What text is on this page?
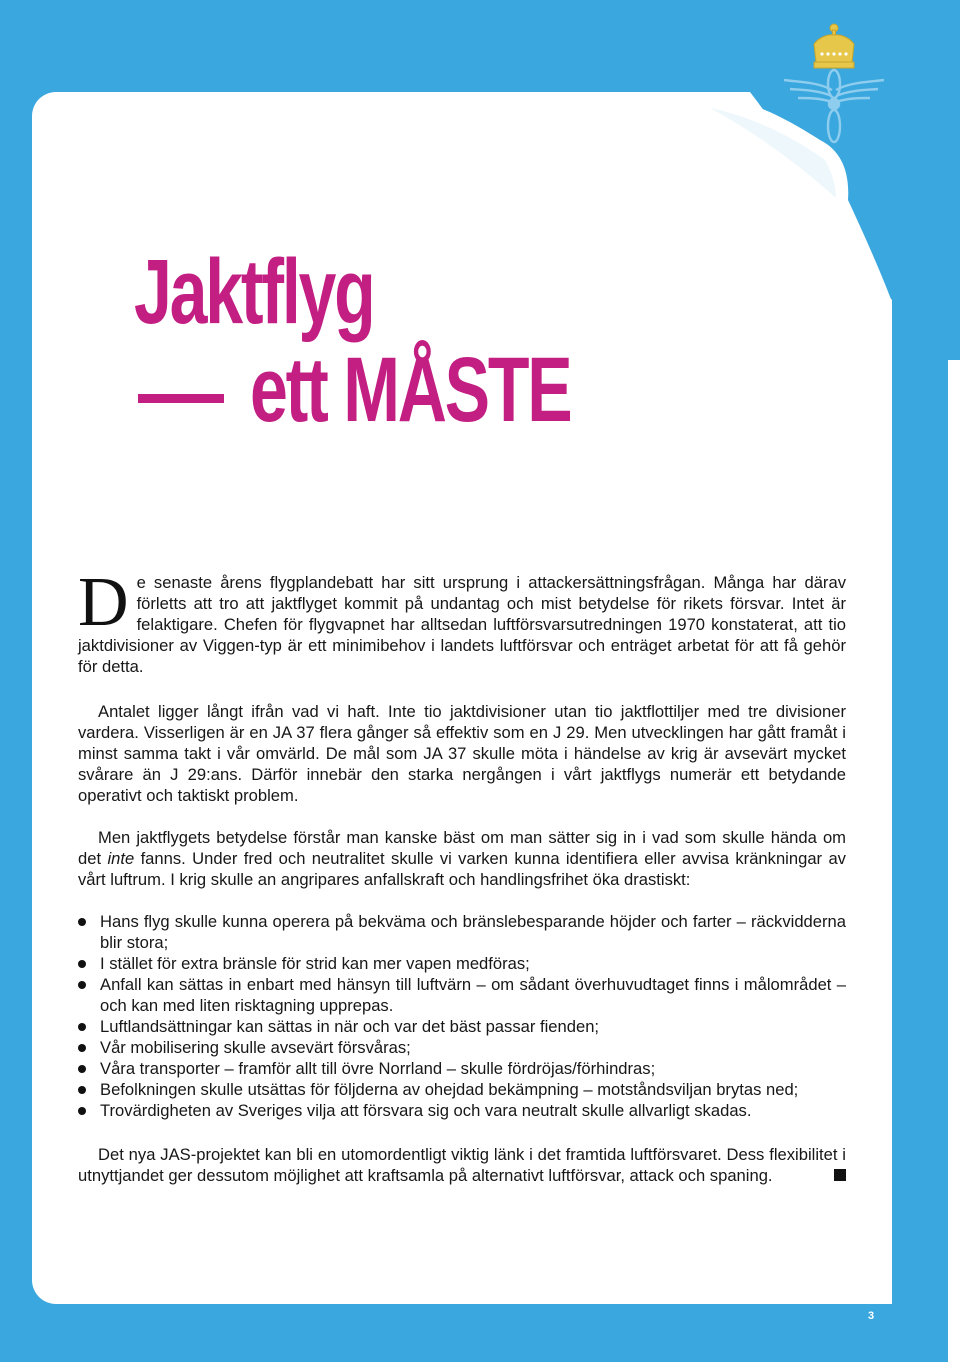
Jaktflyg
ett MÅSTE

De senaste årens flygplandebatt har sitt ursprung i attackersättningsfrågan. Många har därav förletts att tro att jaktflyget kommit på undantag och mist betydelse för rikets försvar. Intet är felaktigare. Chefen för flygvapnet har alltsedan luftförsvarsutredningen 1970 konstaterat, att tio jaktdivisioner av Viggen-typ är ett minimibehov i landets luftförsvar och enträget arbetat för att få gehör för detta.

Antalet ligger långt ifrån vad vi haft. Inte tio jaktdivisioner utan tio jaktflottiljer med tre divisioner vardera. Visserligen är en JA 37 flera gånger så effektiv som en J 29. Men utvecklingen har gått framåt i minst samma takt i vår omvärld. De mål som JA 37 skulle möta i händelse av krig är avsevärt mycket svårare än J 29:ans. Därför innebär den starka nergången i vårt jaktflygs numerär ett betydande operativt och taktiskt problem.

Men jaktflygets betydelse förstår man kanske bäst om man sätter sig in i vad som skulle hända om det inte fanns. Under fred och neutralitet skulle vi varken kunna identifiera eller avvisa kränkningar av vårt luftrum. I krig skulle an angripares anfallskraft och handlingsfrihet öka drastiskt:

Hans flyg skulle kunna operera på bekväma och bränslebesparande höjder och farter – räckvidderna blir stora;
I stället för extra bränsle för strid kan mer vapen medföras;
Anfall kan sättas in enbart med hänsyn till luftvärn – om sådant överhuvudtaget finns i målområdet – och kan med liten risktagning upprepas.
Luftlandsättningar kan sättas in när och var det bäst passar fienden;
Vår mobilisering skulle avsevärt försvåras;
Våra transporter – framför allt till övre Norrland – skulle fördröjas/förhindras;
Befolkningen skulle utsättas för följderna av ohejdad bekämpning – motståndsviljan brytas ned;
Trovärdigheten av Sveriges vilja att försvara sig och vara neutralt skulle allvarligt skadas.

Det nya JAS-projektet kan bli en utomordentligt viktig länk i det framtida luftförsvaret. Dess flexibilitet i utnyttjandet ger dessutom möjlighet att kraftsamla på alternativt luftförsvar, attack och spaning.

3
